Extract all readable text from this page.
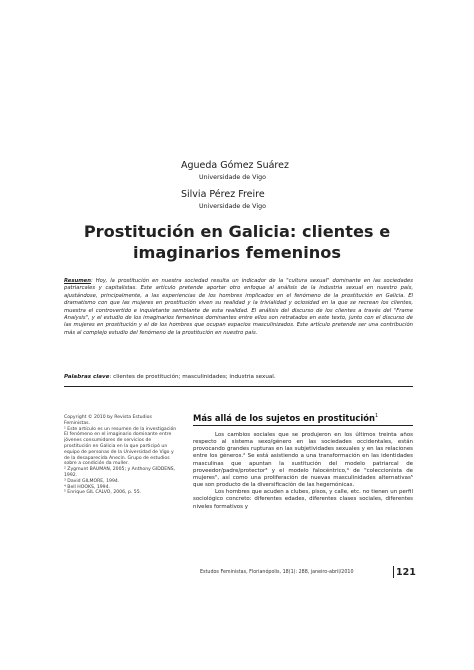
Agueda Gómez Suárez
Universidade de Vigo
Silvia Pérez Freire
Universidade de Vigo
Prostitución en Galicia: clientes e
imaginarios femeninos
Resumen: Hoy, la prostitución en nuestra sociedad resulta un indicador de la "cultura sexual" dominante en las sociedades patriarcales y capitalistas. Este artículo pretende aportar otro enfoque al análisis de la industria sexual en nuestro país, ajustándose, principalmente, a las experiencias de los hombres implicados en el fenómeno de la prostitución en Galicia. El dramatismo con que las mujeres en prostitución viven su realidad y la trivialidad y ociosidad en la que se recrean los clientes, muestra el controvertido e inquietante semblante de esta realidad. El análisis del discurso de los clientes a través del "Frame Analysis", y el estudio de los imaginarios femeninos dominantes entre ellos son retratados en este texto, junto con el discurso de las mujeres en prostitución y el de los hombres que ocupan espacios masculinizados. Este artículo pretende ser una contribución más al complejo estudio del fenómeno de la prostitución en nuestro país.
Palabras clave: clientes de prostitución; masculinidades; industria sexual.

Copyright © 2010 by Revista Estudios Feministas.

¹ Este artículo es un resumen de la investigación El fenómeno en el imaginario dominante entre jóvenes consumidores de servicios de prostitución en Galicia en la que participó un equipo de personas de la Universidad de Vigo y de la desaparecida Anecín. Grupo de estudios sobre a condición da muller.

² Zygmunt BAUMAN, 2005; y Anthony GIDDENS, 1992.

³ David GILMORE, 1994.

⁴ Bell HOOKS, 1994.

⁵ Enrique GIL CALVO, 2006, p. 55.

Más allá de los sujetos en prostitución$^1$

Los cambios sociales que se produjeron en los últimos treinta años respecto al sistema sexo/género en las sociedades occidentales, están provocando grandes rupturas en las subjetividades sexuales y en las relaciones entre los géneros.² Se está asistiendo a una transformación en las identidades masculinas que apuntan la sustitución del modelo patriarcal de proveedor/padre/protector³ y el modelo falocéntrico,⁴ de "coleccionista de mujeres", así como una proliferación de nuevas masculinidades alternativas⁵ que son producto de la diversificación de las hegemónicas.

Los hombres que acuden a clubes, pisos, y calle, etc. no tienen un perfil sociológico concreto: diferentes edades, diferentes clases sociales, diferentes niveles formativos y

Estudos Feministas, Florianópolis, 18(1): 288, janeiro-abril/2010	121
